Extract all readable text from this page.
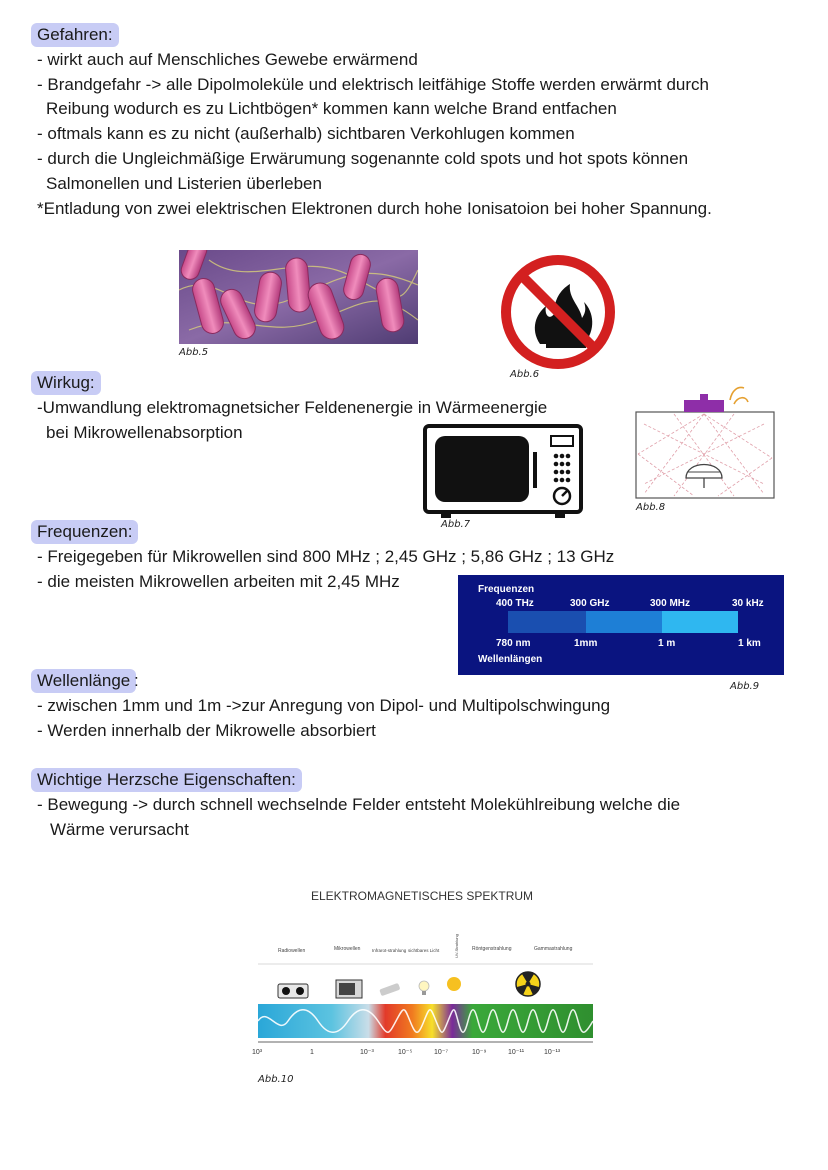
Gefahren:
- wirkt auch auf Menschliches Gewebe erwärmend
- Brandgefahr -> alle Dipolmoleküle und elektrisch leitfähige Stoffe werden erwärmt durch
Reibung wodurch es zu Lichtbögen* kommen kann welche Brand entfachen
- oftmals kann es zu nicht (außerhalb) sichtbaren Verkohlugen kommen
- durch die Ungleichmäßige Erwärumung sogenannte cold spots und hot spots können
Salmonellen und Listerien überleben
*Entladung von zwei elektrischen Elektronen durch hohe Ionisatoion bei hoher Spannung.
Abb.5
Abb.6
Wirkug:
-Umwandlung elektromagnetsicher Feldenenergie in Wärmeenergie
bei Mikrowellenabsorption
Abb.7
Abb.8
Frequenzen:
- Freigegeben für Mikrowellen sind 800 MHz ; 2,45 GHz ; 5,86 GHz ; 13 GHz
- die meisten Mikrowellen arbeiten mit 2,45 MHz	Frequenzen
400 THz	300 GHz	300 MHz	30 kHz
780 nm	1mm	1 m	1 km
Wellenlängen
Abb.9
Wellenlänge :
- zwischen 1mm und 1m ->zur Anregung von Dipol- und Multipolschwingung
- Werden innerhalb der Mikrowelle absorbiert
Wichtige Herzsche Eigenschaften:
- Bewegung -> durch schnell wechselnde Felder entsteht Molekühlreibung welche die
Wärme verursacht
ELEKTROMAGNETISCHES SPEKTRUM
Radiowellen	Mikrowellen	Infrarot-strahlung sichtbares Licht	UV-Strahlung	Röntgenstrahlung	Gammastrahlung
10³	1	10⁻³	10⁻⁵	10⁻⁷	10⁻⁹	10⁻¹¹	10⁻¹³
Abb.10
